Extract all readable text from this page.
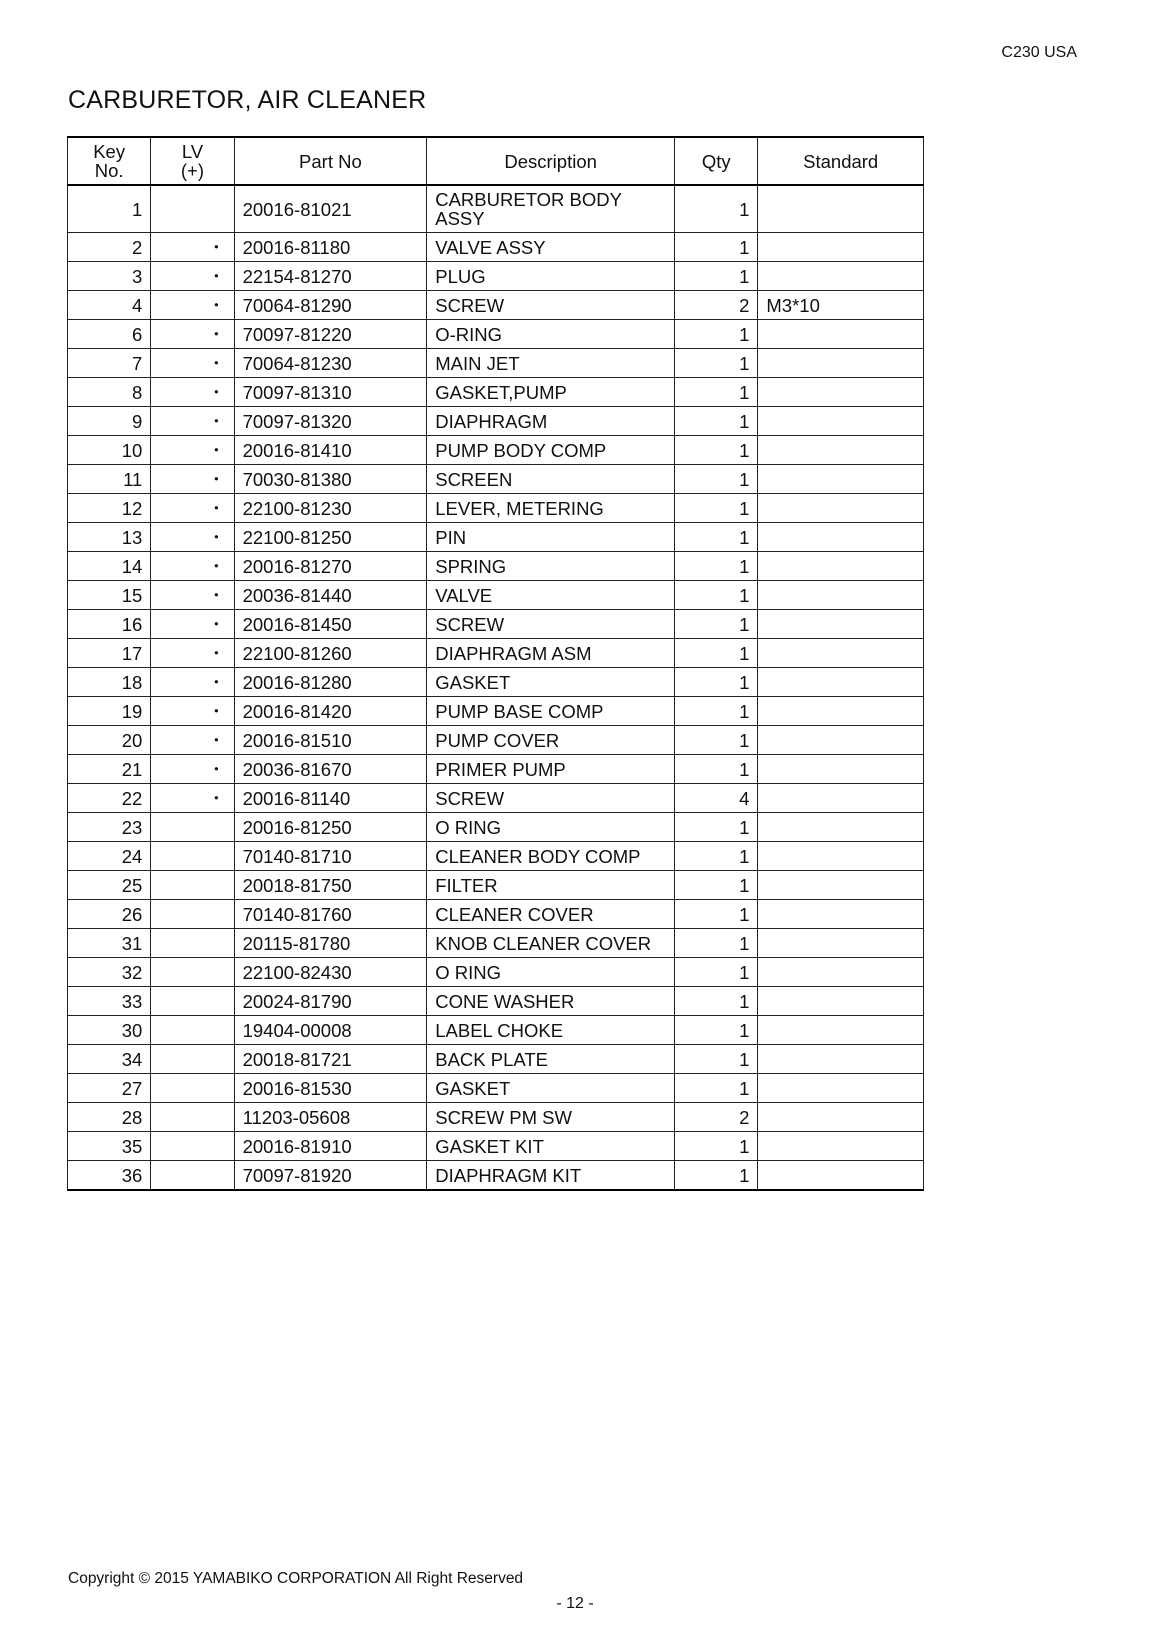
C230 USA
CARBURETOR, AIR CLEANER
Key No.	LV (+)	Part No	Description	Qty	Standard
1		20016-81021	CARBURETOR BODY ASSY	1	
2	・	20016-81180	VALVE ASSY	1	
3	・	22154-81270	PLUG	1	
4	・	70064-81290	SCREW	2	M3*10
6	・	70097-81220	O-RING	1	
7	・	70064-81230	MAIN JET	1	
8	・	70097-81310	GASKET,PUMP	1	
9	・	70097-81320	DIAPHRAGM	1	
10	・	20016-81410	PUMP BODY COMP	1	
11	・	70030-81380	SCREEN	1	
12	・	22100-81230	LEVER, METERING	1	
13	・	22100-81250	PIN	1	
14	・	20016-81270	SPRING	1	
15	・	20036-81440	VALVE	1	
16	・	20016-81450	SCREW	1	
17	・	22100-81260	DIAPHRAGM ASM	1	
18	・	20016-81280	GASKET	1	
19	・	20016-81420	PUMP BASE COMP	1	
20	・	20016-81510	PUMP COVER	1	
21	・	20036-81670	PRIMER PUMP	1	
22	・	20016-81140	SCREW	4	
23		20016-81250	O RING	1	
24		70140-81710	CLEANER BODY COMP	1	
25		20018-81750	FILTER	1	
26		70140-81760	CLEANER COVER	1	
31		20115-81780	KNOB CLEANER COVER	1	
32		22100-82430	O RING	1	
33		20024-81790	CONE WASHER	1	
30		19404-00008	LABEL CHOKE	1	
34		20018-81721	BACK PLATE	1	
27		20016-81530	GASKET	1	
28		11203-05608	SCREW PM SW	2	
35		20016-81910	GASKET KIT	1	
36		70097-81920	DIAPHRAGM KIT	1	
Copyright © 2015 YAMABIKO CORPORATION All Right Reserved
- 12 -
